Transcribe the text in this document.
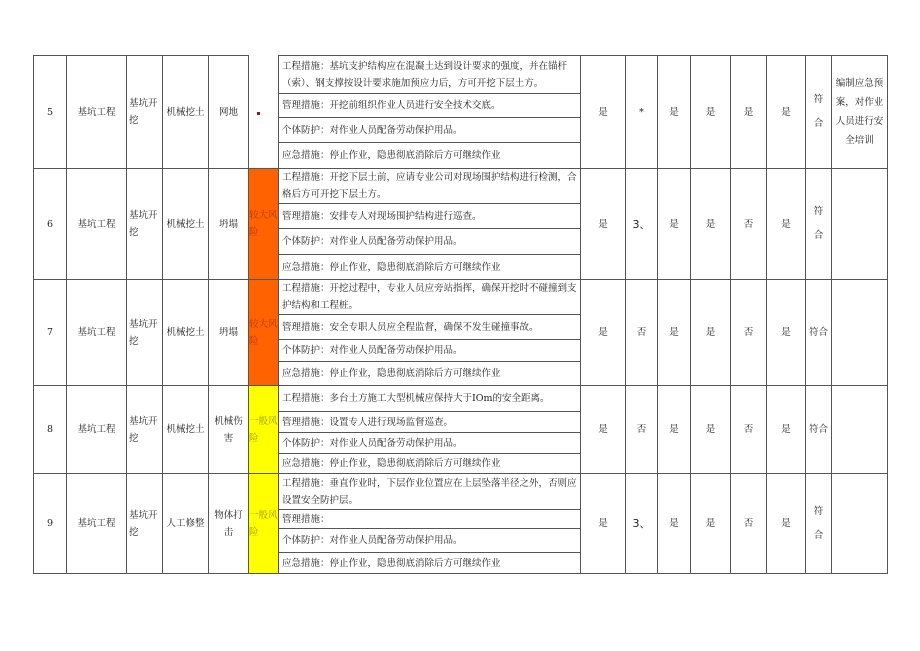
5	基坑工程	基坑开挖	机械挖土	网地		工程措施：基坑支护结构应在混凝土达到设计要求的强度，并在锚杆（索）、钢支撑按设计要求施加预应力后，方可开挖下层土方。	是	*	是	是	是	是	符合	编制应急预案，对作业人员进行安全培训
						管理措施：开挖前组织作业人员进行安全技术交底。								
						个体防护：对作业人员配备劳动保护用品。								
						应急措施：停止作业，隐患彻底消除后方可继续作业								
6	基坑工程	基坑开挖	机械挖土	坍塌	较大风险	工程措施：开挖下层土前，应请专业公司对现场围护结构进行检测，合格后方可开挖下层土方。	是	3、	是	是	否	是	符合	
						管理措施：安排专人对现场围护结构进行巡查。								
						个体防护：对作业人员配备劳动保护用品。								
						应急措施：停止作业，隐患彻底消除后方可继续作业								
7	基坑工程	基坑开挖	机械挖土	坍塌	较大风险	工程措施：开挖过程中，专业人员应旁站指挥，确保开挖时不碰撞到支护结构和工程桩。	是	否	是	是	否	是	符合	
						管理措施：安全专职人员应全程监督，确保不发生碰撞事故。								
						个体防护：对作业人员配备劳动保护用品。								
						应急措施：停止作业，隐患彻底消除后方可继续作业								
8	基坑工程	基坑开挖	机械挖土	机械伤害	一般风险	工程措施：多台土方施工大型机械应保持大于IOm的安全距离。	是	否	是	是	否	是	符合	
						管理措施：设置专人进行现场监督巡查。								
						个体防护：对作业人员配备劳动保护用品。								
						应急措施：停止作业，隐患彻底消除后方可继续作业								
9	基坑工程	基坑开挖	人工修整	物体打击	一般风险	工程措施：垂直作业时，下层作业位置应在上层坠落半径之外，否则应设置安全防护层。	是	3、	是	是	否	是	符合	
						管理措施：								
						个体防护：对作业人员配备劳动保护用品。								
						应急措施：停止作业，隐患彻底消除后方可继续作业								
